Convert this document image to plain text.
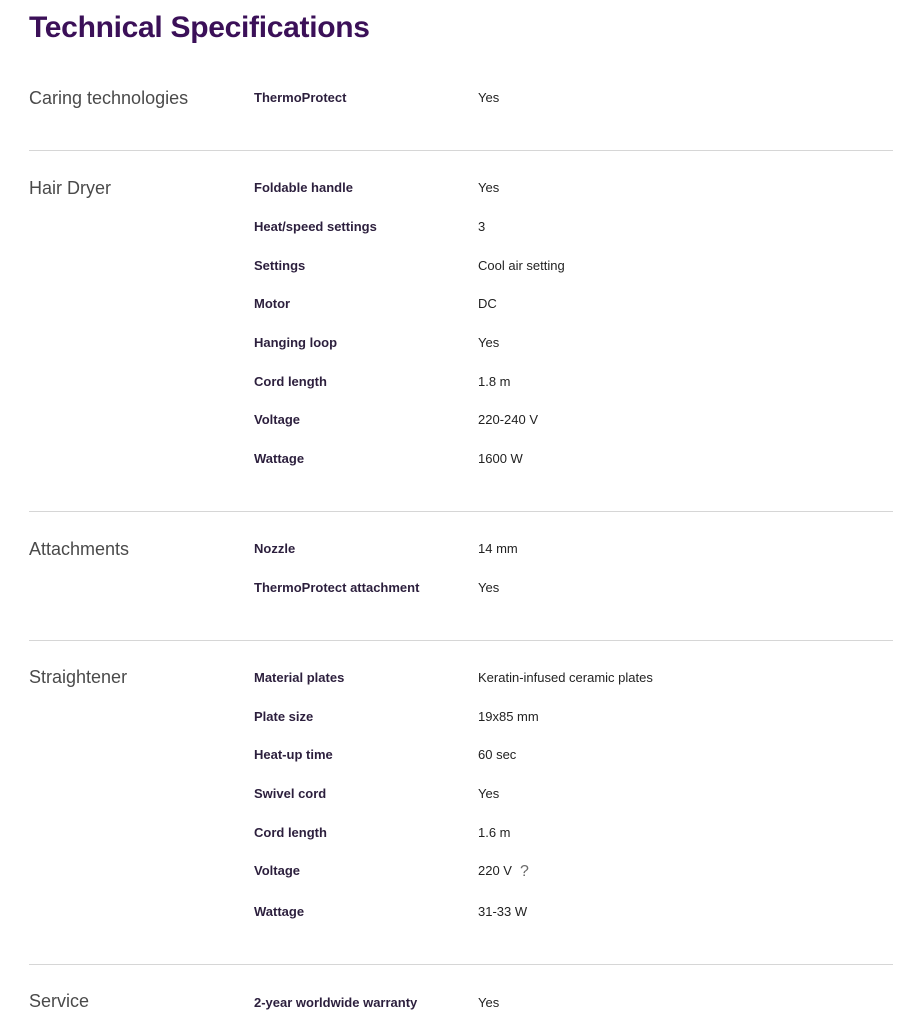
Technical Specifications
Caring technologies	ThermoProtect	Yes
Hair Dryer	Foldable handle	Yes
Heat/speed settings	3
Settings	Cool air setting
Motor	DC
Hanging loop	Yes
Cord length	1.8 m
Voltage	220-240 V
Wattage	1600 W
Attachments	Nozzle	14 mm
ThermoProtect attachment	Yes
Straightener	Material plates	Keratin-infused ceramic plates
Plate size	19x85 mm
Heat-up time	60 sec
Swivel cord	Yes
Cord length	1.6 m
Voltage	220 V ?
Wattage	31-33 W
Service	2-year worldwide warranty	Yes
